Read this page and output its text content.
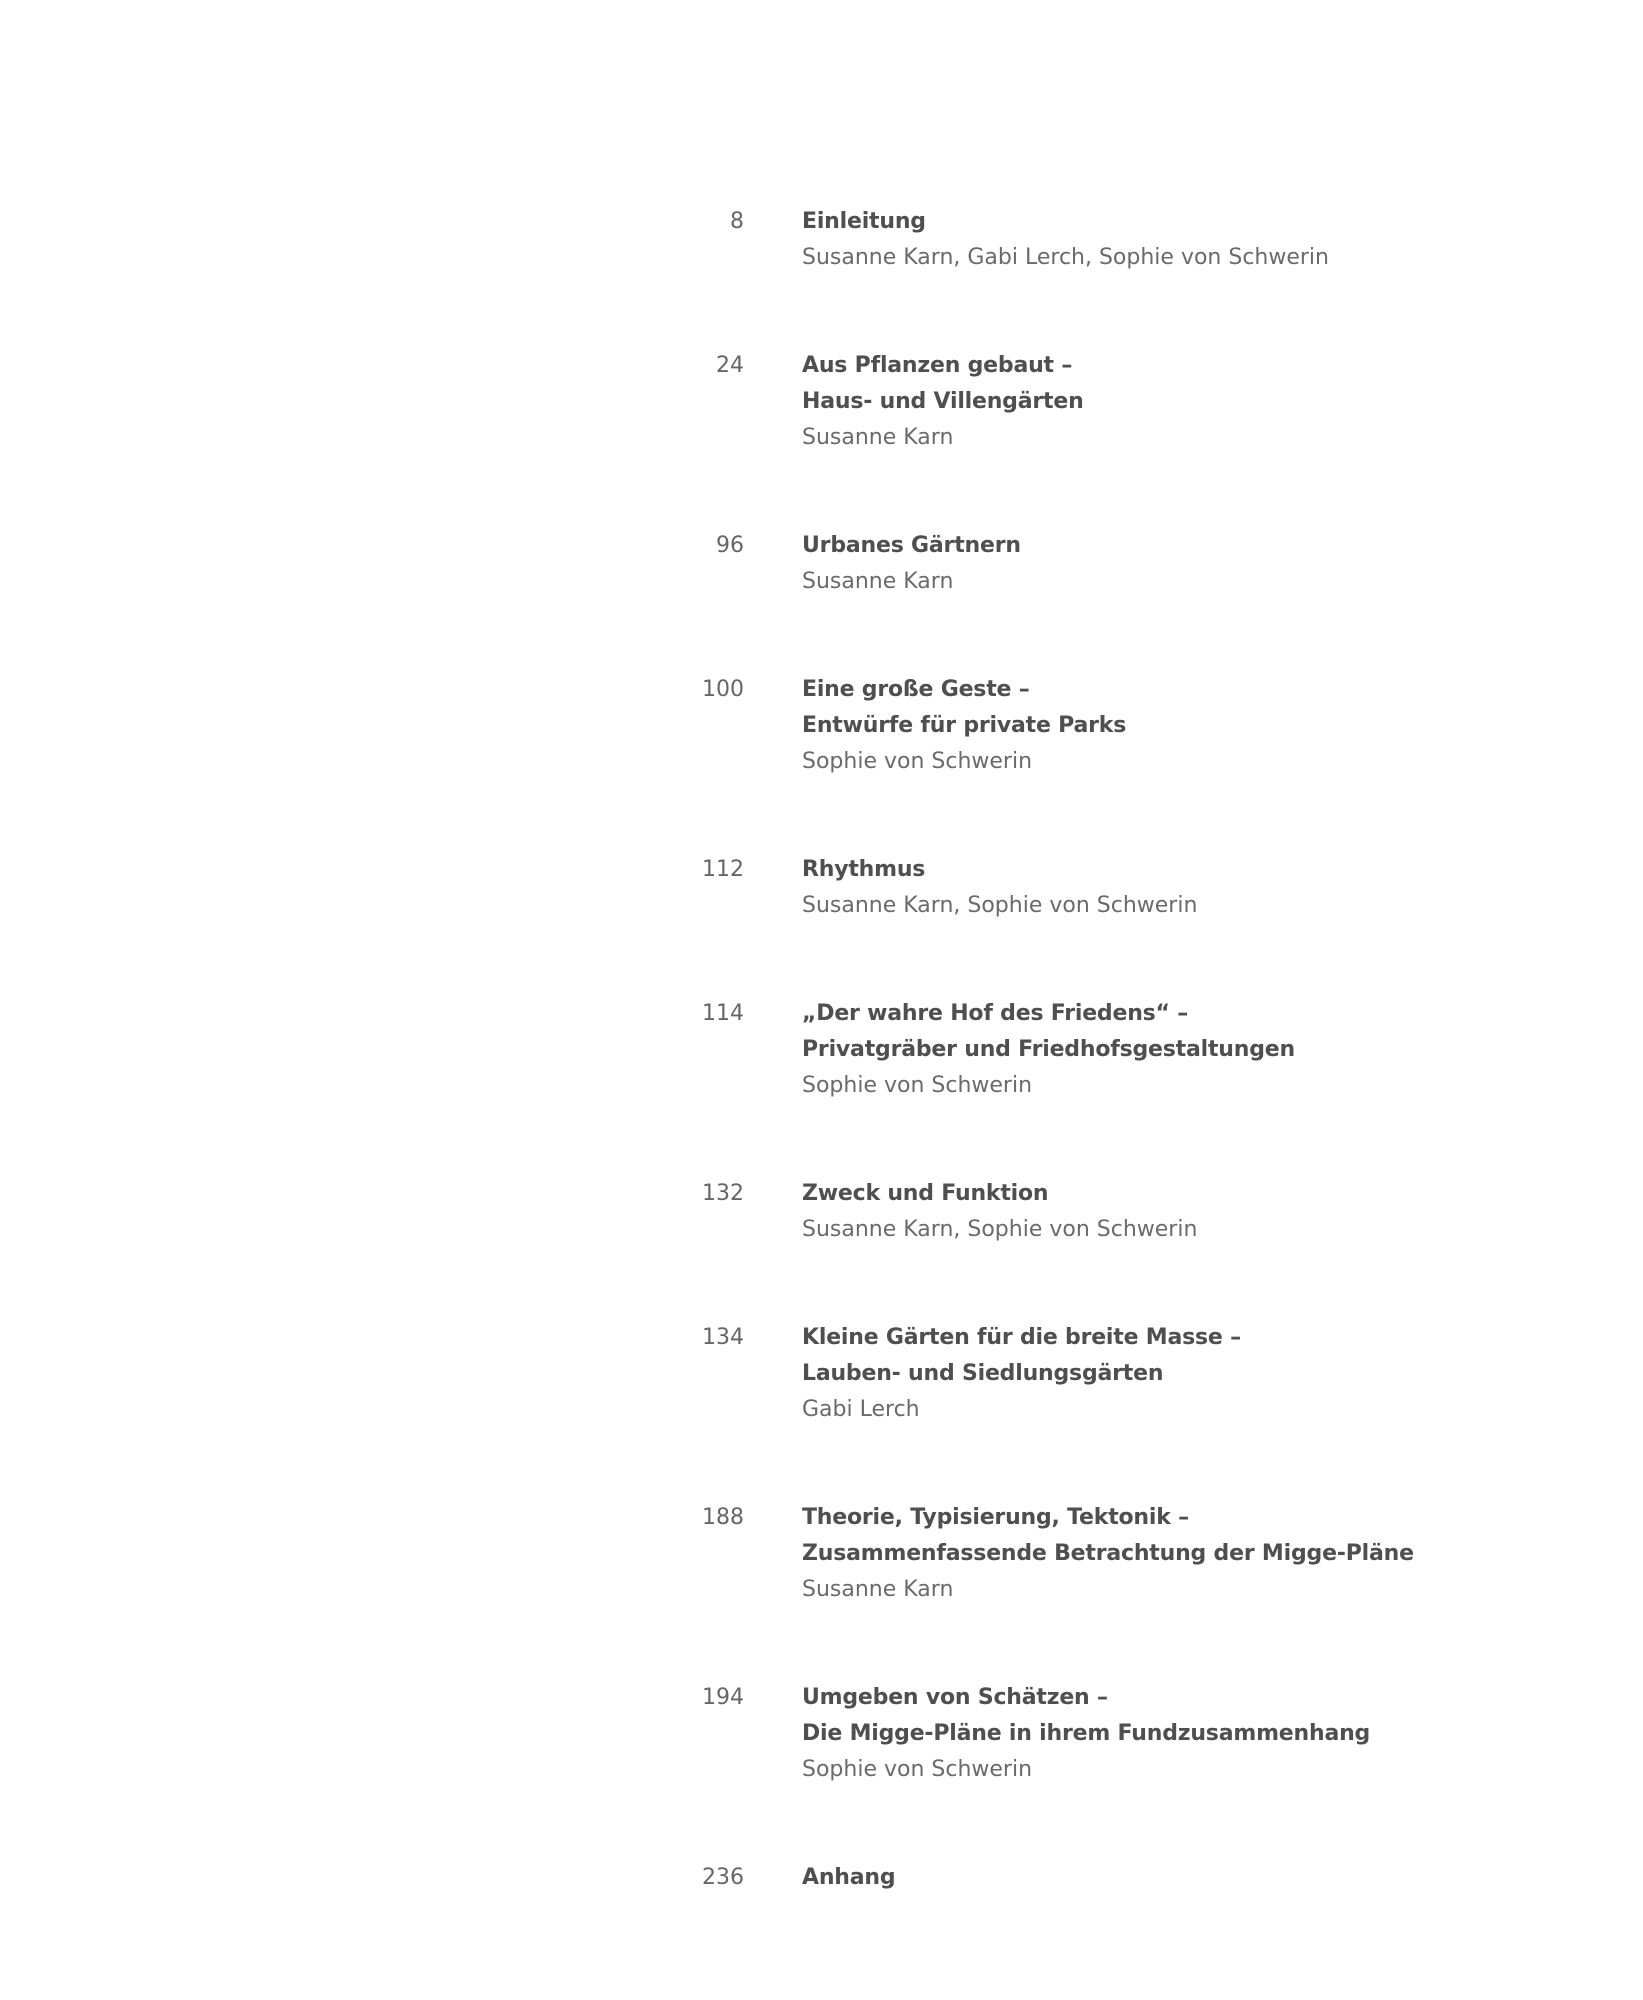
8	Einleitung
Susanne Karn, Gabi Lerch, Sophie von Schwerin
24	Aus Pflanzen gebaut –
Haus- und Villengärten
Susanne Karn
96	Urbanes Gärtnern
Susanne Karn
100	Eine große Geste –
Entwürfe für private Parks
Sophie von Schwerin
112	Rhythmus
Susanne Karn, Sophie von Schwerin
114	„Der wahre Hof des Friedens“ –
Privatgräber und Friedhofsgestaltungen
Sophie von Schwerin
132	Zweck und Funktion
Susanne Karn, Sophie von Schwerin
134	Kleine Gärten für die breite Masse –
Lauben- und Siedlungsgärten
Gabi Lerch
188	Theorie, Typisierung, Tektonik –
Zusammenfassende Betrachtung der Migge-Pläne
Susanne Karn
194	Umgeben von Schätzen –
Die Migge-Pläne in ihrem Fundzusammenhang
Sophie von Schwerin
236	Anhang
